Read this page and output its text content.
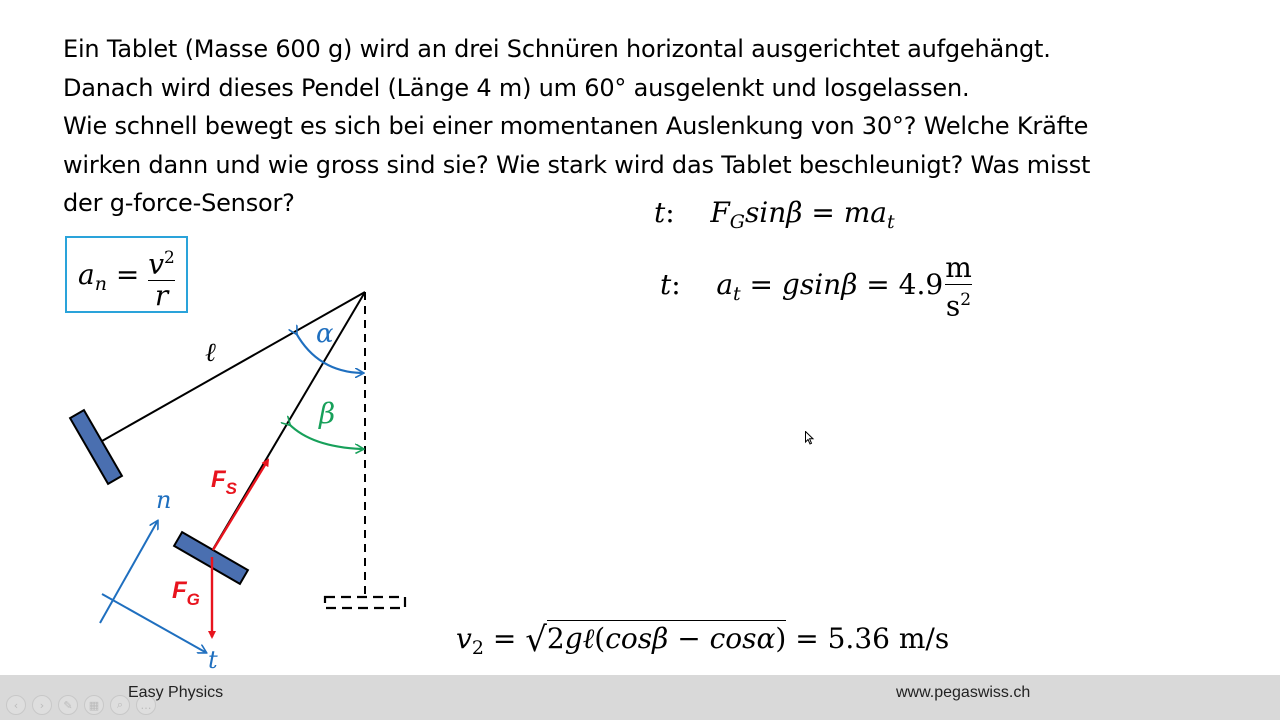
Ein Tablet (Masse 600 g) wird an drei Schnüren horizontal ausgerichtet aufgehängt.
Danach wird dieses Pendel (Länge 4 m) um 60° ausgelenkt und losgelassen.
Wie schnell bewegt es sich bei einer momentanen Auslenkung von 30°? Welche Kräfte
wirken dann und wie gross sind sie? Wie stark wird das Tablet beschleunigt? Was misst
der g-force-Sensor?
$a_n = \frac{v^2}{r}$
t:    $F_G\sin\beta = ma_t$
t:    $a_t = gsin\beta = 4.9 \frac{m}{s^2}$
$v_2$ = √2gℓ(cosβ − cosα) = 5.36 m/s
ℓ
α
β
$F_S$
$F_G$
n
t
‹	›	✎	▦	⌕	…
Easy Physics	www.pegaswiss.ch
